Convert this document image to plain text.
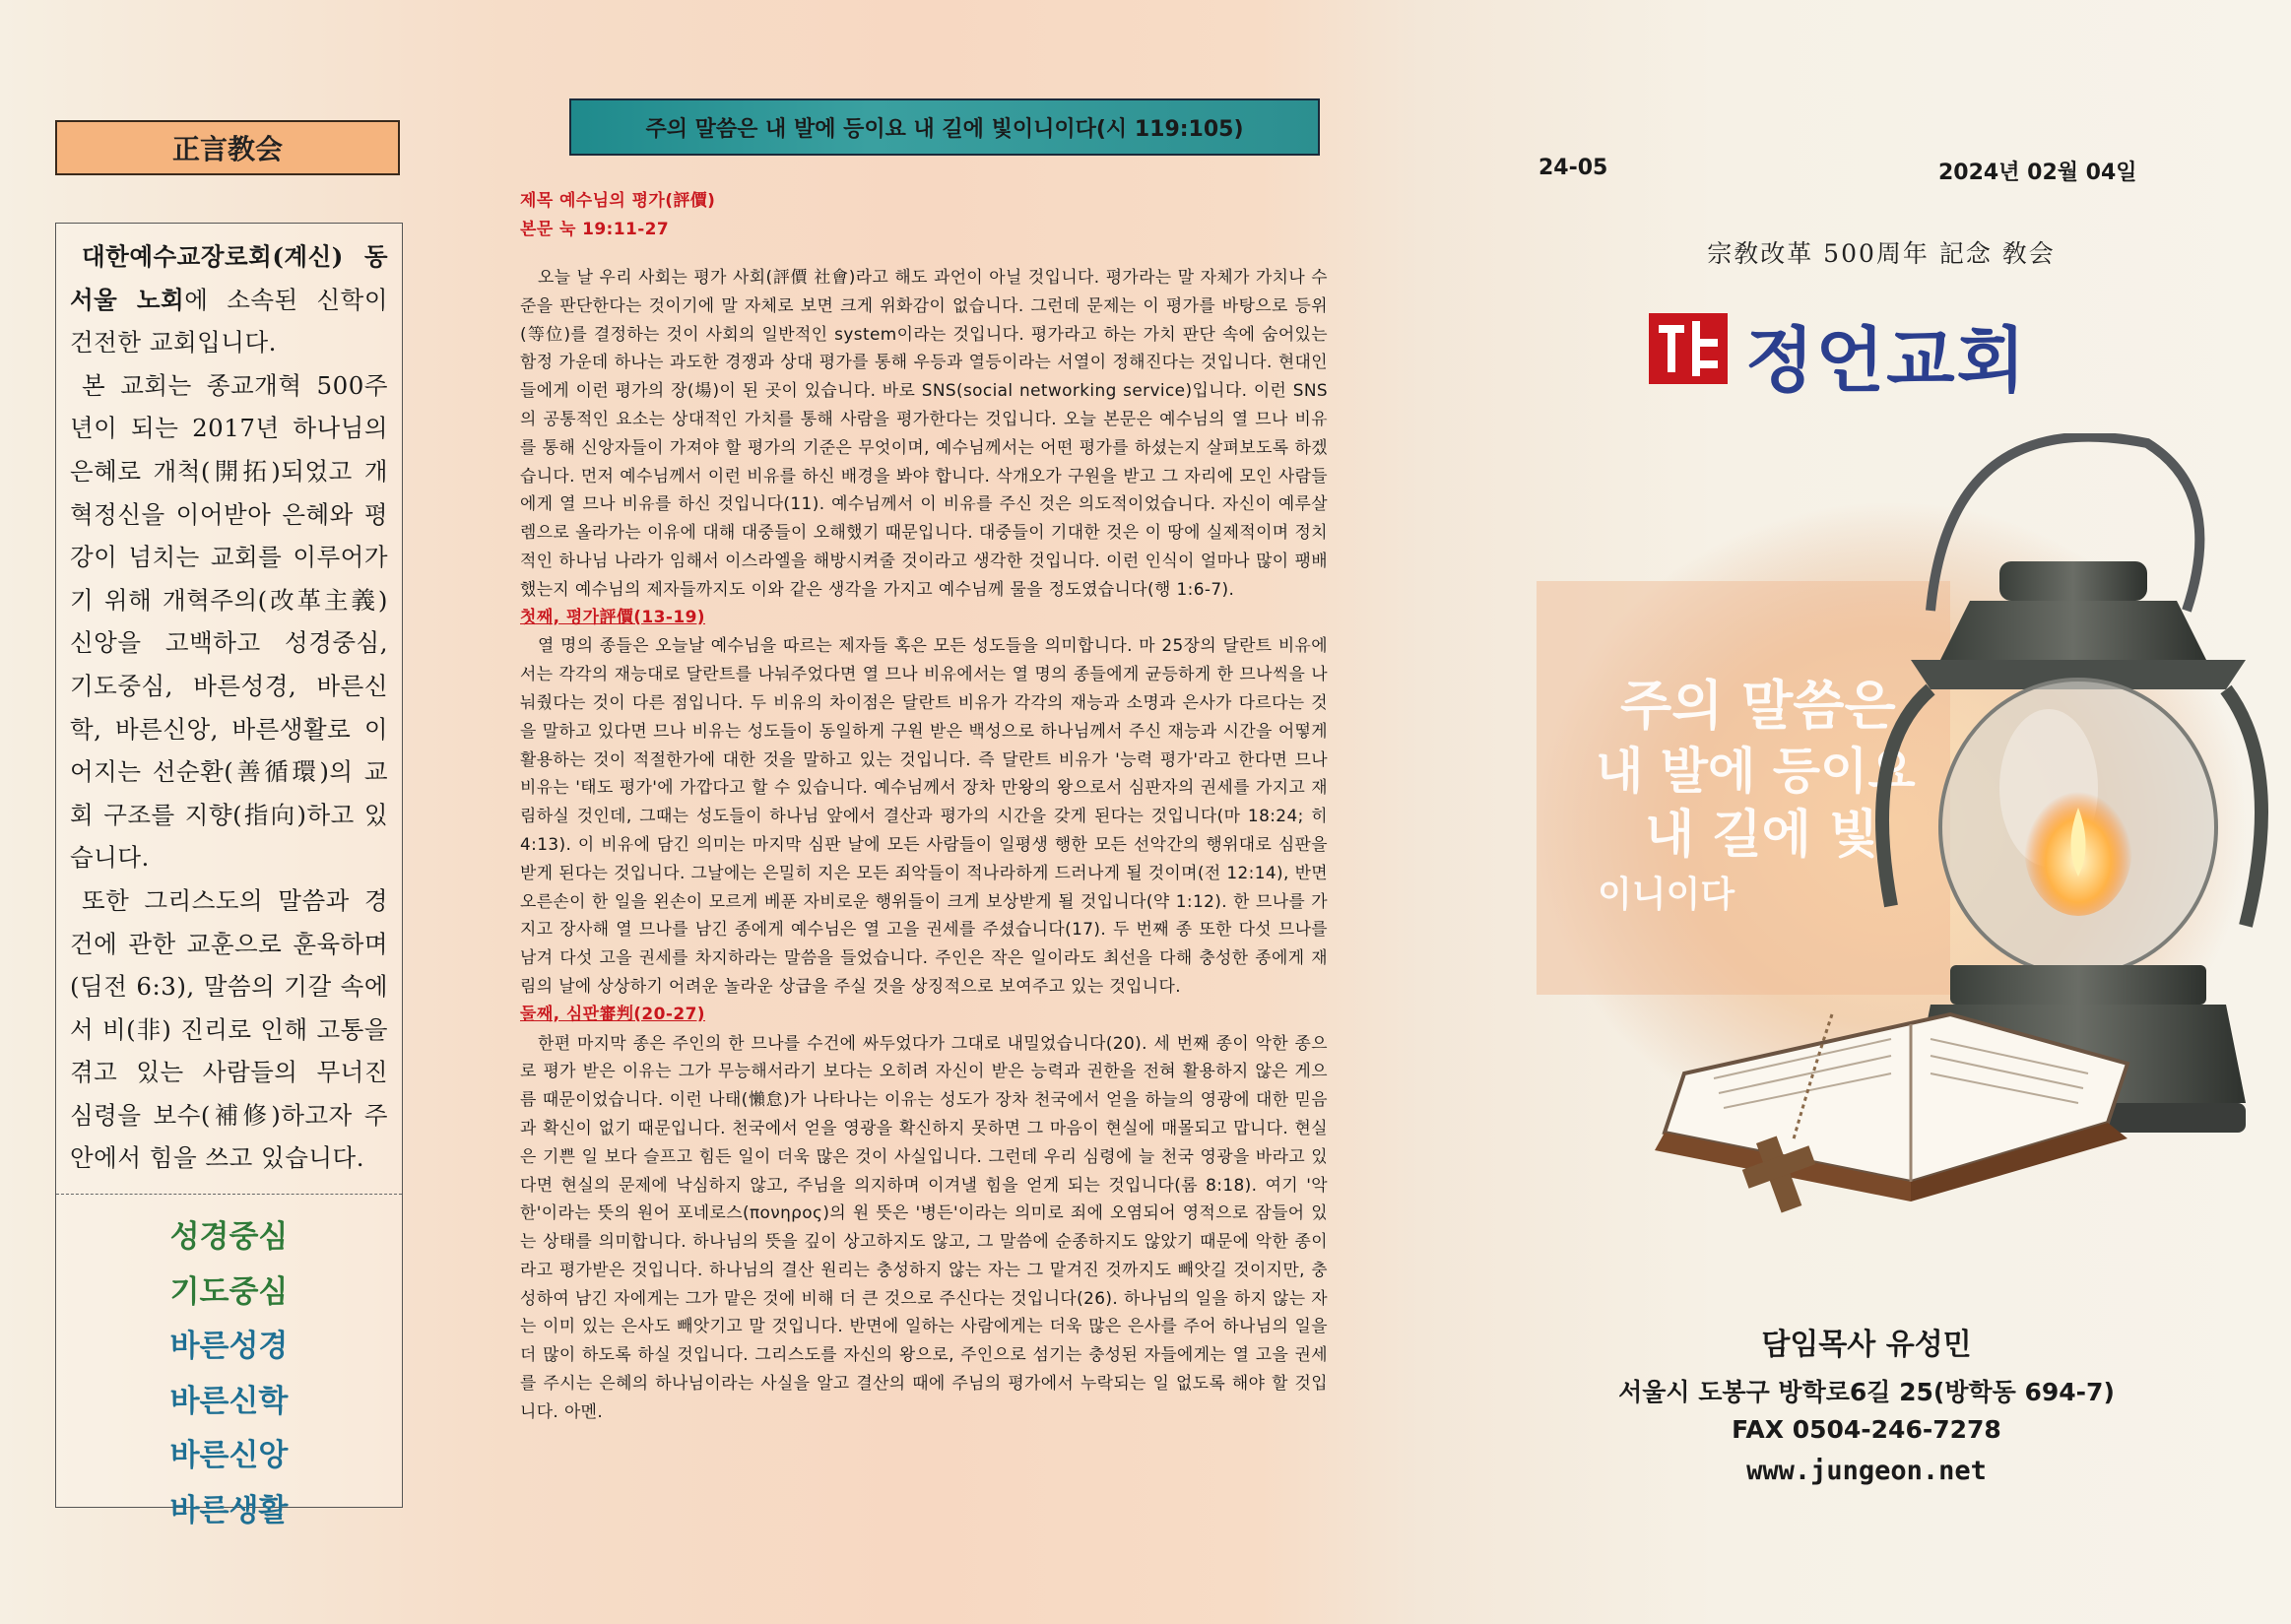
正言教会

대한예수교장로회(계신) 동서울 노회에 소속된 신학이 건전한 교회입니다.

본 교회는 종교개혁 500주년이 되는 2017년 하나님의 은혜로 개척(開拓)되었고 개혁정신을 이어받아 은혜와 평강이 넘치는 교회를 이루어가기 위해 개혁주의(改革主義) 신앙을 고백하고 성경중심, 기도중심, 바른성경, 바른신학, 바른신앙, 바른생활로 이어지는 선순환(善循環)의 교회 구조를 지향(指向)하고 있습니다.

또한 그리스도의 말씀과 경건에 관한 교훈으로 훈육하며(딤전 6:3), 말씀의 기갈 속에서 비(非) 진리로 인해 고통을 겪고 있는 사람들의 무너진 심령을 보수(補修)하고자 주 안에서 힘을 쓰고 있습니다.

성경중심
기도중심
바른성경
바른신학
바른신앙
바른생활
주의 말씀은 내 발에 등이요 내 길에 빛이니이다(시 119:105)
제목 예수님의 평가(評價)
본문 눅 19:11-27

오늘 날 우리 사회는 평가 사회(評價 社會)라고 해도 과언이 아닐 것입니다. 평가라는 말 자체가 가치나 수준을 판단한다는 것이기에 말 자체로 보면 크게 위화감이 없습니다. 그런데 문제는 이 평가를 바탕으로 등위(等位)를 결정하는 것이 사회의 일반적인 system이라는 것입니다. 평가라고 하는 가치 판단 속에 숨어있는 함정 가운데 하나는 과도한 경쟁과 상대 평가를 통해 우등과 열등이라는 서열이 정해진다는 것입니다. 현대인들에게 이런 평가의 장(場)이 된 곳이 있습니다. 바로 SNS(social networking service)입니다. 이런 SNS의 공통적인 요소는 상대적인 가치를 통해 사람을 평가한다는 것입니다. 오늘 본문은 예수님의 열 므나 비유를 통해 신앙자들이 가져야 할 평가의 기준은 무엇이며, 예수님께서는 어떤 평가를 하셨는지 살펴보도록 하겠습니다. 먼저 예수님께서 이런 비유를 하신 배경을 봐야 합니다. 삭개오가 구원을 받고 그 자리에 모인 사람들에게 열 므나 비유를 하신 것입니다(11). 예수님께서 이 비유를 주신 것은 의도적이었습니다. 자신이 예루살렘으로 올라가는 이유에 대해 대중들이 오해했기 때문입니다. 대중들이 기대한 것은 이 땅에 실제적이며 정치적인 하나님 나라가 임해서 이스라엘을 해방시켜줄 것이라고 생각한 것입니다. 이런 인식이 얼마나 많이 팽배했는지 예수님의 제자들까지도 이와 같은 생각을 가지고 예수님께 물을 정도였습니다(행 1:6-7).

첫째, 평가評價(13-19)

열 명의 종들은 오늘날 예수님을 따르는 제자들 혹은 모든 성도들을 의미합니다. 마 25장의 달란트 비유에서는 각각의 재능대로 달란트를 나눠주었다면 열 므나 비유에서는 열 명의 종들에게 균등하게 한 므나씩을 나눠줬다는 것이 다른 점입니다. 두 비유의 차이점은 달란트 비유가 각각의 재능과 소명과 은사가 다르다는 것을 말하고 있다면 므나 비유는 성도들이 동일하게 구원 받은 백성으로 하나님께서 주신 재능과 시간을 어떻게 활용하는 것이 적절한가에 대한 것을 말하고 있는 것입니다. 즉 달란트 비유가 '능력 평가'라고 한다면 므나 비유는 '태도 평가'에 가깝다고 할 수 있습니다. 예수님께서 장차 만왕의 왕으로서 심판자의 권세를 가지고 재림하실 것인데, 그때는 성도들이 하나님 앞에서 결산과 평가의 시간을 갖게 된다는 것입니다(마 18:24; 히 4:13). 이 비유에 담긴 의미는 마지막 심판 날에 모든 사람들이 일평생 행한 모든 선악간의 행위대로 심판을 받게 된다는 것입니다. 그날에는 은밀히 지은 모든 죄악들이 적나라하게 드러나게 될 것이며(전 12:14), 반면 오른손이 한 일을 왼손이 모르게 베푼 자비로운 행위들이 크게 보상받게 될 것입니다(약 1:12). 한 므나를 가지고 장사해 열 므나를 남긴 종에게 예수님은 열 고을 권세를 주셨습니다(17). 두 번째 종 또한 다섯 므나를 남겨 다섯 고을 권세를 차지하라는 말씀을 들었습니다. 주인은 작은 일이라도 최선을 다해 충성한 종에게 재림의 날에 상상하기 어려운 놀라운 상급을 주실 것을 상징적으로 보여주고 있는 것입니다.

둘째, 심판審判(20-27)

한편 마지막 종은 주인의 한 므나를 수건에 싸두었다가 그대로 내밀었습니다(20). 세 번째 종이 악한 종으로 평가 받은 이유는 그가 무능해서라기 보다는 오히려 자신이 받은 능력과 권한을 전혀 활용하지 않은 게으름 때문이었습니다. 이런 나태(懶怠)가 나타나는 이유는 성도가 장차 천국에서 얻을 하늘의 영광에 대한 믿음과 확신이 없기 때문입니다. 천국에서 얻을 영광을 확신하지 못하면 그 마음이 현실에 매몰되고 맙니다. 현실은 기쁜 일 보다 슬프고 힘든 일이 더욱 많은 것이 사실입니다. 그런데 우리 심령에 늘 천국 영광을 바라고 있다면 현실의 문제에 낙심하지 않고, 주님을 의지하며 이겨낼 힘을 얻게 되는 것입니다(롬 8:18). 여기 '악한'이라는 뜻의 원어 포네로스(πονηρος)의 원 뜻은 '병든'이라는 의미로 죄에 오염되어 영적으로 잠들어 있는 상태를 의미합니다. 하나님의 뜻을 깊이 상고하지도 않고, 그 말씀에 순종하지도 않았기 때문에 악한 종이라고 평가받은 것입니다. 하나님의 결산 원리는 충성하지 않는 자는 그 맡겨진 것까지도 빼앗길 것이지만, 충성하여 남긴 자에게는 그가 맡은 것에 비해 더 큰 것으로 주신다는 것입니다(26). 하나님의 일을 하지 않는 자는 이미 있는 은사도 빼앗기고 말 것입니다. 반면에 일하는 사람에게는 더욱 많은 은사를 주어 하나님의 일을 더 많이 하도록 하실 것입니다. 그리스도를 자신의 왕으로, 주인으로 섬기는 충성된 자들에게는 열 고을 권세를 주시는 은혜의 하나님이라는 사실을 알고 결산의 때에 주님의 평가에서 누락되는 일 없도록 해야 할 것입니다. 아멘.

24-05	2024년 02월 04일
宗敎改革 500周年 記念 敎会
정언교회
주의 말씀은
내 발에 등이요
내 길에 빛
이니이다
담임목사 유성민
서울시 도봉구 방학로6길 25(방학동 694-7)
FAX 0504-246-7278
www.jungeon.net
